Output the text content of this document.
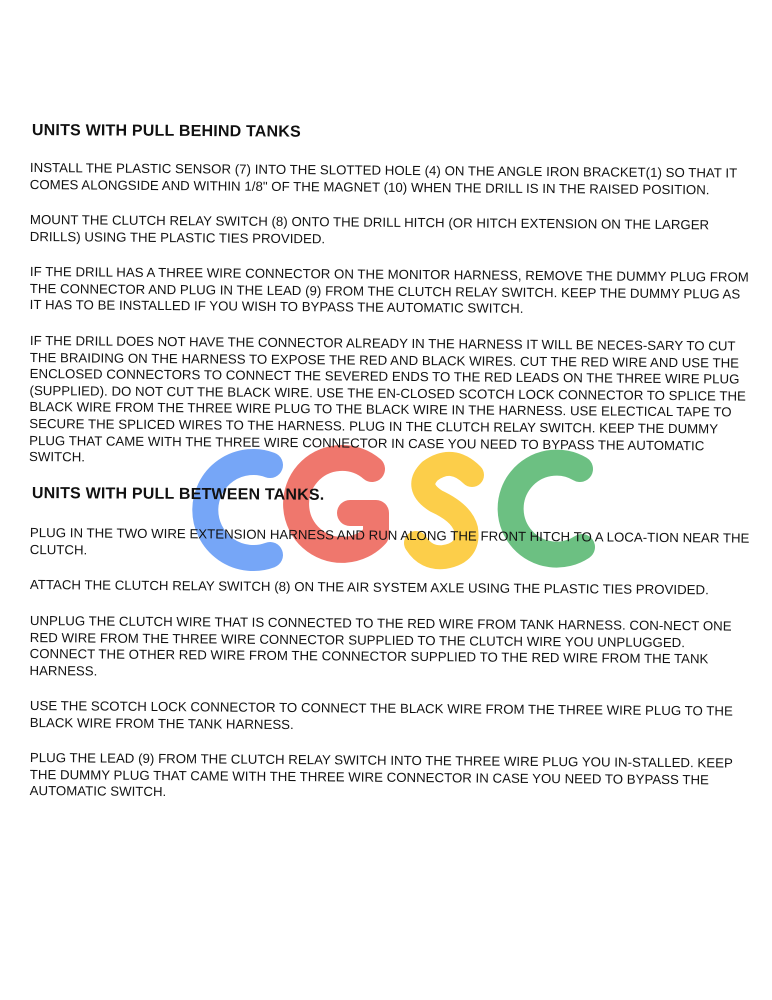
UNITS WITH PULL BEHIND TANKS

INSTALL THE PLASTIC SENSOR (7) INTO THE SLOTTED HOLE (4) ON THE ANGLE IRON BRACKET(1) SO THAT IT COMES ALONGSIDE AND WITHIN 1/8" OF THE MAGNET (10) WHEN THE DRILL IS IN THE RAISED POSITION.

MOUNT THE CLUTCH RELAY SWITCH (8) ONTO THE DRILL HITCH (OR HITCH EXTENSION ON THE LARGER DRILLS) USING THE PLASTIC TIES PROVIDED.

IF THE DRILL HAS A THREE WIRE CONNECTOR ON THE MONITOR HARNESS, REMOVE THE DUMMY PLUG FROM THE CONNECTOR AND PLUG IN THE LEAD (9) FROM THE CLUTCH RELAY SWITCH. KEEP THE DUMMY PLUG AS IT HAS TO BE INSTALLED IF YOU WISH TO BYPASS THE AUTOMATIC SWITCH.

IF THE DRILL DOES NOT HAVE THE CONNECTOR ALREADY IN THE HARNESS IT WILL BE NECES-SARY TO CUT THE BRAIDING ON THE HARNESS TO EXPOSE THE RED AND BLACK WIRES. CUT THE RED WIRE AND USE THE ENCLOSED CONNECTORS TO CONNECT THE SEVERED ENDS TO THE RED LEADS ON THE THREE WIRE PLUG (SUPPLIED). DO NOT CUT THE BLACK WIRE. USE THE EN-CLOSED SCOTCH LOCK CONNECTOR TO SPLICE THE BLACK WIRE FROM THE THREE WIRE PLUG TO THE BLACK WIRE IN THE HARNESS. USE ELECTICAL TAPE TO SECURE THE SPLICED WIRES TO THE HARNESS. PLUG IN THE CLUTCH RELAY SWITCH. KEEP THE DUMMY PLUG THAT CAME WITH THE THREE WIRE CONNECTOR IN CASE YOU NEED TO BYPASS THE AUTOMATIC SWITCH.

UNITS WITH PULL BETWEEN TANKS.

PLUG IN THE TWO WIRE EXTENSION HARNESS AND RUN ALONG THE FRONT HITCH TO A LOCA-TION NEAR THE CLUTCH.

ATTACH THE CLUTCH RELAY SWITCH (8) ON THE AIR SYSTEM AXLE USING THE PLASTIC TIES PROVIDED.

UNPLUG THE CLUTCH WIRE THAT IS CONNECTED TO THE RED WIRE FROM TANK HARNESS. CON-NECT ONE RED WIRE FROM THE THREE WIRE CONNECTOR SUPPLIED TO THE CLUTCH WIRE YOU UNPLUGGED. CONNECT THE OTHER RED WIRE FROM THE CONNECTOR SUPPLIED TO THE RED WIRE FROM THE TANK HARNESS.

USE THE SCOTCH LOCK CONNECTOR TO CONNECT THE BLACK WIRE FROM THE THREE WIRE PLUG TO THE BLACK WIRE FROM THE TANK HARNESS.

PLUG THE LEAD (9) FROM THE CLUTCH RELAY SWITCH INTO THE THREE WIRE PLUG YOU IN-STALLED. KEEP THE DUMMY PLUG THAT CAME WITH THE THREE WIRE CONNECTOR IN CASE YOU NEED TO BYPASS THE AUTOMATIC SWITCH.
